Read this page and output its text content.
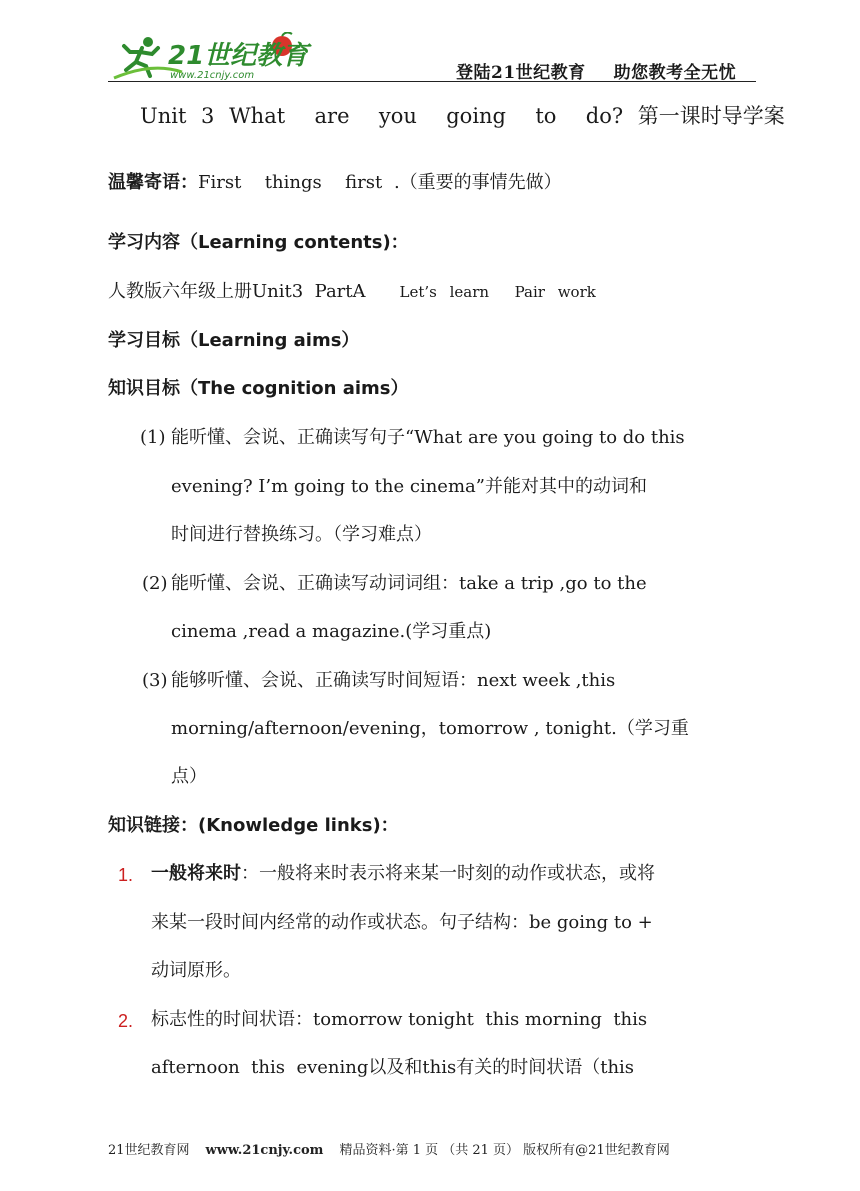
21世纪教育
www.21cnjy.com	登陆21世纪教育 助您教考全无忧
Unit 3 What  are  you  going  to  do? 第一课时导学案
温馨寄语：First  things  first .（重要的事情先做）
学习内容（Learning contents)：
人教版六年级上册Unit3  PartA Let’s learn  Pair work
学习目标（Learning aims）
知识目标（The cognition aims）
(1) 能听懂、会说、正确读写句子“What are you going to do this
evening? I’m going to the cinema”并能对其中的动词和
时间进行替换练习。（学习难点）
(2) 能听懂、会说、正确读写动词词组：take a trip ,go to the
cinema ,read a magazine.(学习重点)
(3) 能够听懂、会说、正确读写时间短语：next week ,this
morning/afternoon/evening，tomorrow , tonight.（学习重
点）
知识链接：(Knowledge links)：
1. 一般将来时：一般将来时表示将来某一时刻的动作或状态，或将
来某一段时间内经常的动作或状态。句子结构：be going to +
动词原形。
2. 标志性的时间状语：tomorrow tonight  this morning  this
afternoon  this  evening以及和this有关的时间状语（this
21世纪教育网 www.21cnjy.com 精品资料·第 1 页 （共 21 页） 版权所有@21世纪教育网
